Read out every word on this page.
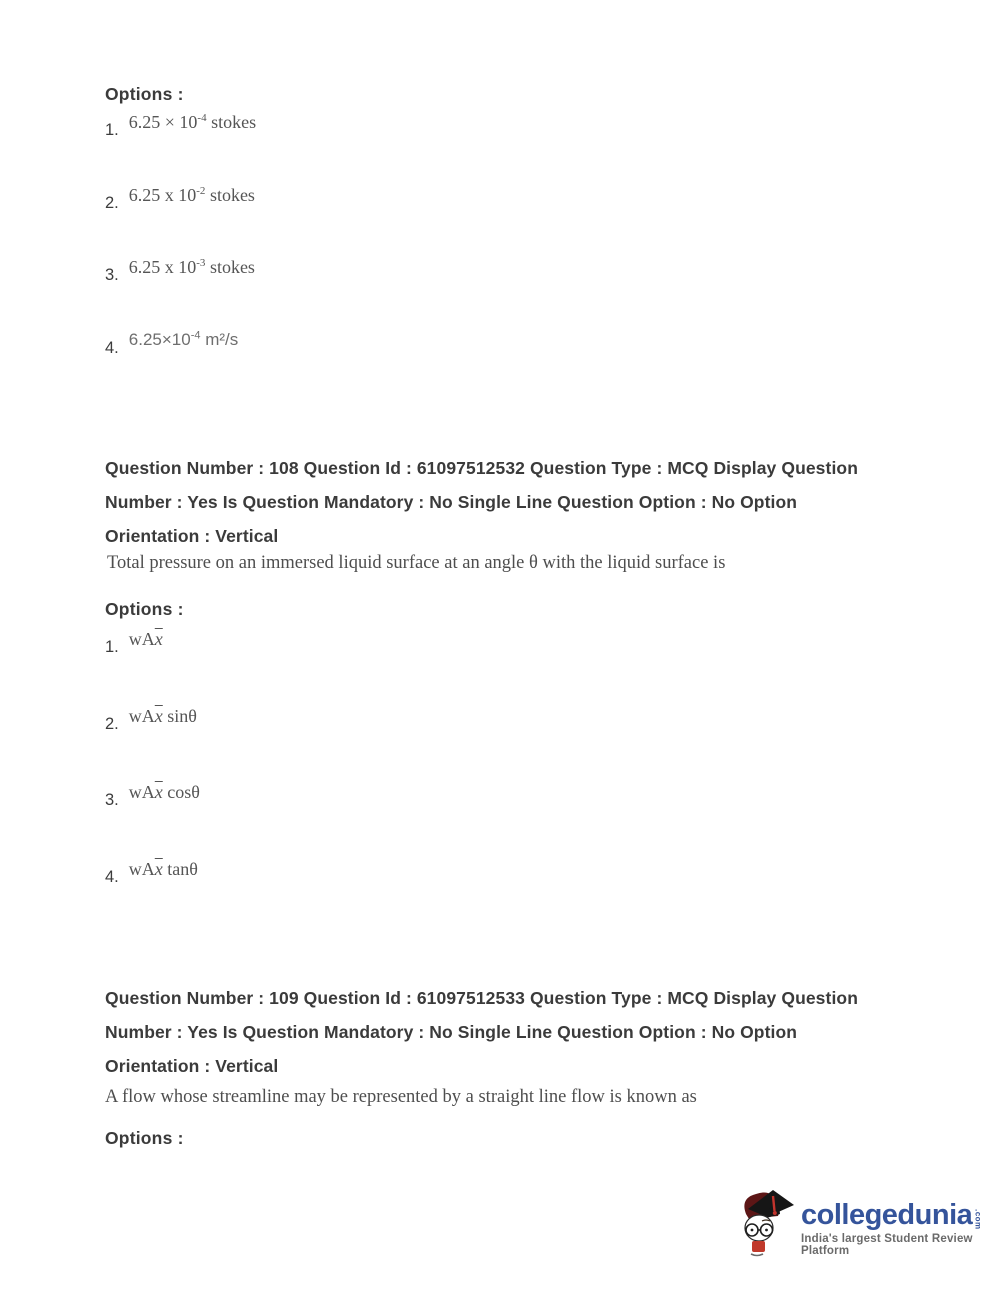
Options :
1. $6.25 \times 10^{-4}$ stokes
2. 6.25 x $10^{-2}$ stokes
3. 6.25 x $10^{-3}$ stokes
4. $6.25\times 10^{-4}$ m²/s
Question Number : 108 Question Id : 61097512532 Question Type : MCQ Display Question
Number : Yes Is Question Mandatory : No Single Line Question Option : No Option
Orientation : Vertical
Total pressure on an immersed liquid surface at an angle θ with the liquid surface is
Options :
1. $wA\overline{x}$
2. $wA\overline{x}$ sinθ
3. $wA\overline{x}$ cosθ
4. $wA\overline{x}$ tanθ
Question Number : 109 Question Id : 61097512533 Question Type : MCQ Display Question
Number : Yes Is Question Mandatory : No Single Line Question Option : No Option
Orientation : Vertical
A flow whose streamline may be represented by a straight line flow is known as
Options :
collegedunia .com
India's largest Student Review Platform
